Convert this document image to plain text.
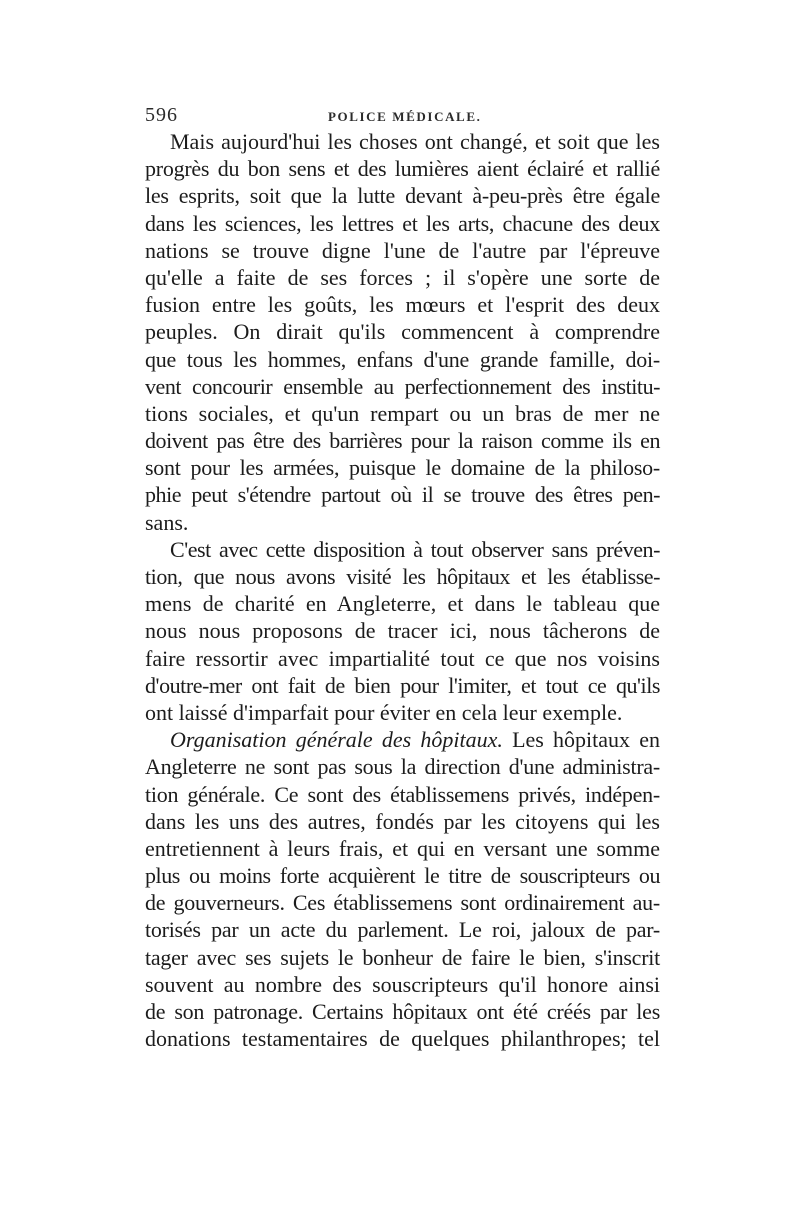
596	POLICE MÉDICALE.
Mais aujourd'hui les choses ont changé, et soit que les
progrès du bon sens et des lumières aient éclairé et rallié
les esprits, soit que la lutte devant à-peu-près être égale
dans les sciences, les lettres et les arts, chacune des deux
nations se trouve digne l'une de l'autre par l'épreuve
qu'elle a faite de ses forces ; il s'opère une sorte de
fusion entre les goûts, les mœurs et l'esprit des deux
peuples. On dirait qu'ils commencent à comprendre
que tous les hommes, enfans d'une grande famille, doi-
vent concourir ensemble au perfectionnement des institu-
tions sociales, et qu'un rempart ou un bras de mer ne
doivent pas être des barrières pour la raison comme ils en
sont pour les armées, puisque le domaine de la philoso-
phie peut s'étendre partout où il se trouve des êtres pen-
sans.
C'est avec cette disposition à tout observer sans préven-
tion, que nous avons visité les hôpitaux et les établisse-
mens de charité en Angleterre, et dans le tableau que
nous nous proposons de tracer ici, nous tâcherons de
faire ressortir avec impartialité tout ce que nos voisins
d'outre-mer ont fait de bien pour l'imiter, et tout ce qu'ils
ont laissé d'imparfait pour éviter en cela leur exemple.
Organisation générale des hôpitaux. Les hôpitaux en
Angleterre ne sont pas sous la direction d'une administra-
tion générale. Ce sont des établissemens privés, indépen-
dans les uns des autres, fondés par les citoyens qui les
entretiennent à leurs frais, et qui en versant une somme
plus ou moins forte acquièrent le titre de souscripteurs ou
de gouverneurs. Ces établissemens sont ordinairement au-
torisés par un acte du parlement. Le roi, jaloux de par-
tager avec ses sujets le bonheur de faire le bien, s'inscrit
souvent au nombre des souscripteurs qu'il honore ainsi
de son patronage. Certains hôpitaux ont été créés par les
donations testamentaires de quelques philanthropes; tel
